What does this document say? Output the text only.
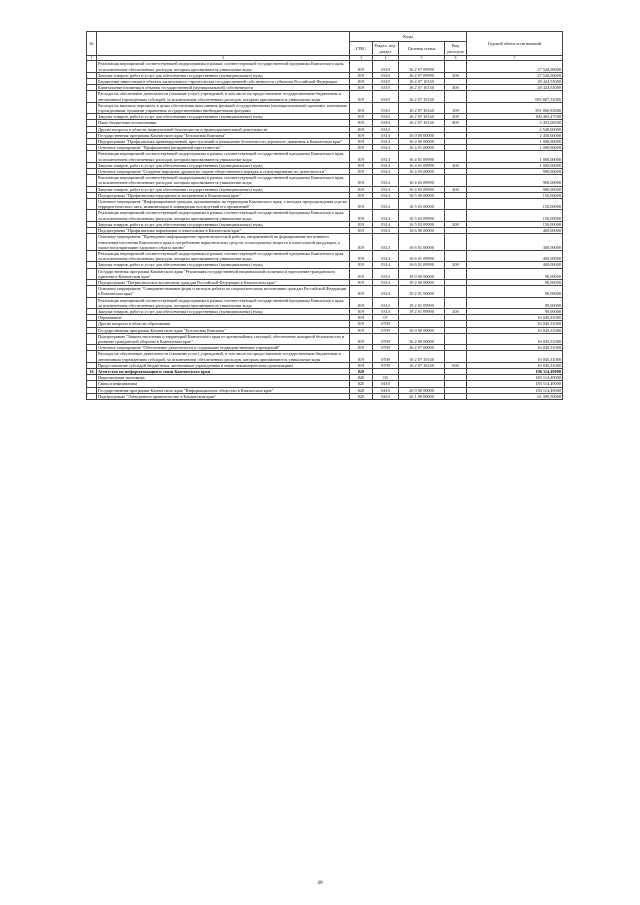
№		Коды				Годовой объем ассигнований
		ГРБС	Раздел, под-раздел	Целевая статья	Вид расходов	
1	2	3	4	5	6	7
	Реализация мероприятий соответствующей подпрограммы в рамках соответствующей государственной программы Камчатского края, за исключением обеспеченных расходов, которым присваиваются уникальные коды	819	0310	16 2 07 09990		27 520,00000
	Закупка товаров, работ и услуг для обеспечения государственных (муниципальных) нужд	819	0310	16 2 07 09990	200	27 520,00000
	Бюджетные инвестиции в объекты капитального строительства государственной собственности субъектов Российской Федерации	819	0310	16 2 07 10130		28 424,53000
	Капитальные вложения в объекты государственной (муниципальной) собственности	819	0310	16 2 07 10130	400	28 424,53000
	Расходы на обеспечение деятельности (оказание услуг) учреждений, в том числе на предоставление государственным бюджетным и автономным учреждениям субсидий, за исключением обеспеченных расходов, которым присваиваются уникальные коды	819	0310	16 2 07 10140		695 807,31000
	Расходы на выплаты персоналу в целях обеспечения выполнения функций государственными (муниципальными) органами, казенными учреждениями, органами управления государственными внебюджетными фондами	819	0310	16 2 07 10140	100	591 860,83000
	Закупка товаров, работ и услуг для обеспечения государственных (муниципальных) нужд	819	0310	16 2 07 10140	200	100 493,47500
	Иные бюджетные ассигнования	819	0310	16 2 07 10140	800	3 453,00500
	Другие вопросы в области национальной безопасности и правоохранительной деятельности	819	0314			2 540,00000
	Государственная программа Камчатского края "Безопасная Камчатка"	819	0314	16 0 00 00000		2 450,00000
	Подпрограмма "Профилактика правонарушений, преступлений и повышение безопасности дорожного движения в Камчатском крае"	819	0314	16 4 00 00000		1 900,00000
	Основное мероприятие "Профилактика рецидивной преступности"	819	0314	16 4 01 00000		1 000,00000
	Реализация мероприятий соответствующей подпрограммы в рамках соответствующей государственной программы Камчатского края, за исключением обеспеченных расходов, которым присваиваются уникальные коды	819	0314	16 4 01 09990		1 000,00000
	Закупка товаров, работ и услуг для обеспечения государственных (муниципальных) нужд	819	0314	16 4 01 09990	200	1 000,00000
	Основное мероприятие "Создание народных дружин по охране общественного порядка и стимулирование их деятельности"	819	0314	16 4 03 00000		900,00000
	Реализация мероприятий соответствующей подпрограммы в рамках соответствующей государственной программы Камчатского края, за исключением обеспеченных расходов, которым присваиваются уникальные коды	819	0314	16 4 03 09990		900,00000
	Закупка товаров, работ и услуг для обеспечения государственных (муниципальных) нужд	819	0314	16 4 03 09990	200	900,00000
	Подпрограмма "Профилактика терроризма и экстремизма в Камчатском крае"	819	0314	16 5 00 00000		150,00000
	Основное мероприятие "Информирование граждан, проживающих на территории Камчатского края, о методах предупреждения угрозы террористического акта, минимизации и ликвидации последствий его проявлений"	819	0314	16 5 03 00000		150,00000
	Реализация мероприятий соответствующей подпрограммы в рамках соответствующей государственной программы Камчатского края, за исключением обеспеченных расходов, которым присваиваются уникальные коды	819	0314	16 5 03 09990		150,00000
	Закупка товаров, работ и услуг для обеспечения государственных (муниципальных) нужд	819	0314	16 5 03 09990	200	150,00000
	Подпрограмма "Профилактика наркомании и алкоголизма в Камчатском крае"	819	0314	16 6 00 00000		400,00000
	Основное мероприятие "Проведение информационно-пропагандистской работы, направленной на формирование негативного отношения населения Камчатского края к потреблению наркотических средств, психотропных веществ и алкогольной продукции, а также популяризацию здорового образа жизни"	819	0314	16 6 01 00000		400,00000
	Реализация мероприятий соответствующей подпрограммы в рамках соответствующей государственной программы Камчатского края, за исключением обеспеченных расходов, которым присваиваются уникальные коды	819	0314	16 6 01 09990		400,00000
	Закупка товаров, работ и услуг для обеспечения государственных (муниципальных) нужд	819	0314	16 6 01 09990	200	400,00000
	Государственная программа Камчатского края "Реализация государственной национальной политики и укрепление гражданского единства в Камчатском крае"	819	0314	19 0 00 00000		90,00000
	Подпрограмма "Патриотическое воспитание граждан Российской Федерации в Камчатском крае"	819	0314	19 2 00 00000		90,00000
	Основное мероприятие "Совершенствование форм и методов работы по патриотическому воспитанию граждан Российской Федерации в Камчатском крае"	819	0314	19 2 01 00000		90,00000
	Реализация мероприятий соответствующей подпрограммы в рамках соответствующей государственной программы Камчатского края, за исключением обеспеченных расходов, которым присваиваются уникальные коды	819	0314	19 2 01 09990		90,00000
	Закупка товаров, работ и услуг для обеспечения государственных (муниципальных) нужд	819	0314	19 2 01 09990	200	90,00000
	Образование	819	07			16 045,31000
	Другие вопросы в области образования	819	0709			16 045,31000
	Государственная программа Камчатского края "Безопасная Камчатка"	819	0709	16 0 00 00000		16 045,31000
	Подпрограмма "Защита населения и территорий Камчатского края от чрезвычайных ситуаций, обеспечение пожарной безопасности и развитие гражданской обороны в Камчатском крае"	819	0709	16 2 00 00000		16 045,31000
	Основное мероприятие "Обеспечение деятельности и содержание подведомственных учреждений"	819	0709	16 2 07 00000		16 045,31000
	Расходы на обеспечение деятельности (оказание услуг) учреждений, в том числе на предоставление государственным бюджетным и автономным учреждениям субсидий, за исключением обеспеченных расходов, которым присваиваются уникальные коды	819	0709	16 2 07 10140		16 045,31000
	Предоставление субсидий бюджетным, автономным учреждениям и иным некоммерческим организациям	819	0709	16 2 07 10140	600	16 045,31000
16	Агентство по информатизации и связи Камчатского края	820				196 114,49000
	Национальная экономика	820	04			183 114,49000
	Связь и информатика	820	0410			183 114,49000
	Государственная программа Камчатского края "Информационное общество в Камчатском крае"	820	0410	20 0 00 00000		183 114,49000
	Подпрограмма "Электронное правительство в Камчатском крае"	820	0410	20 1 00 00000		61 399,50000
48
